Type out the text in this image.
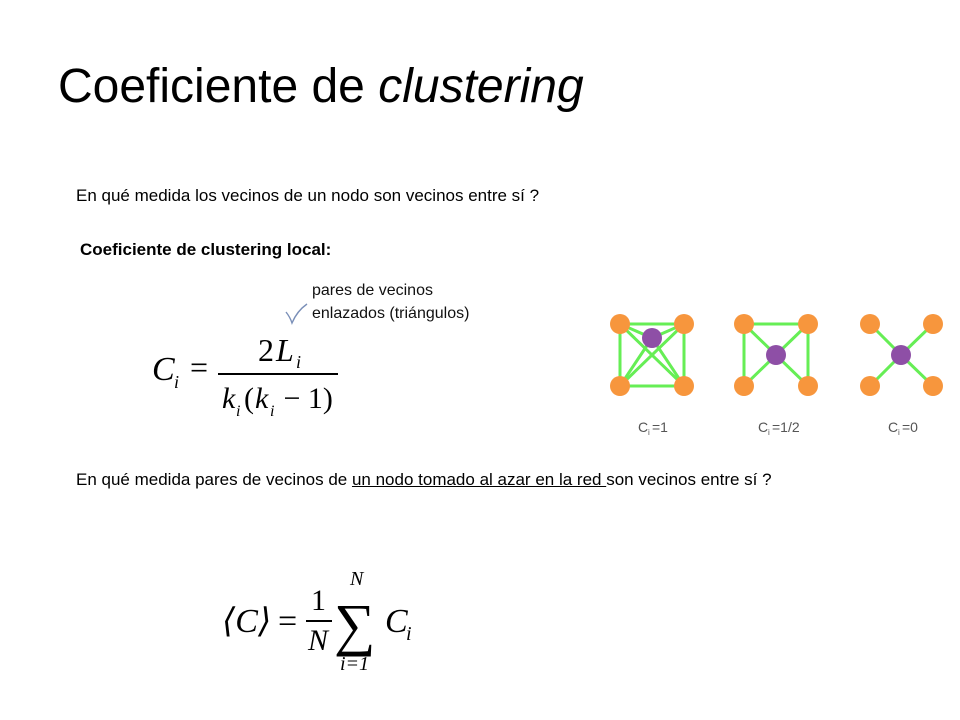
Coeficiente de clustering
En qué medida los vecinos de un nodo son vecinos entre sí ?
Coeficiente de clustering local:
pares de vecinos
enlazados (triángulos)
C i = 2 L i
k i ( k i − 1)
C i =1	C i =1/2	C i =0
En qué medida pares de vecinos de un nodo tomado al azar en la red son vecinos entre sí ?
⟨C⟩ =
1
N
N
∑
i=1
C
i
